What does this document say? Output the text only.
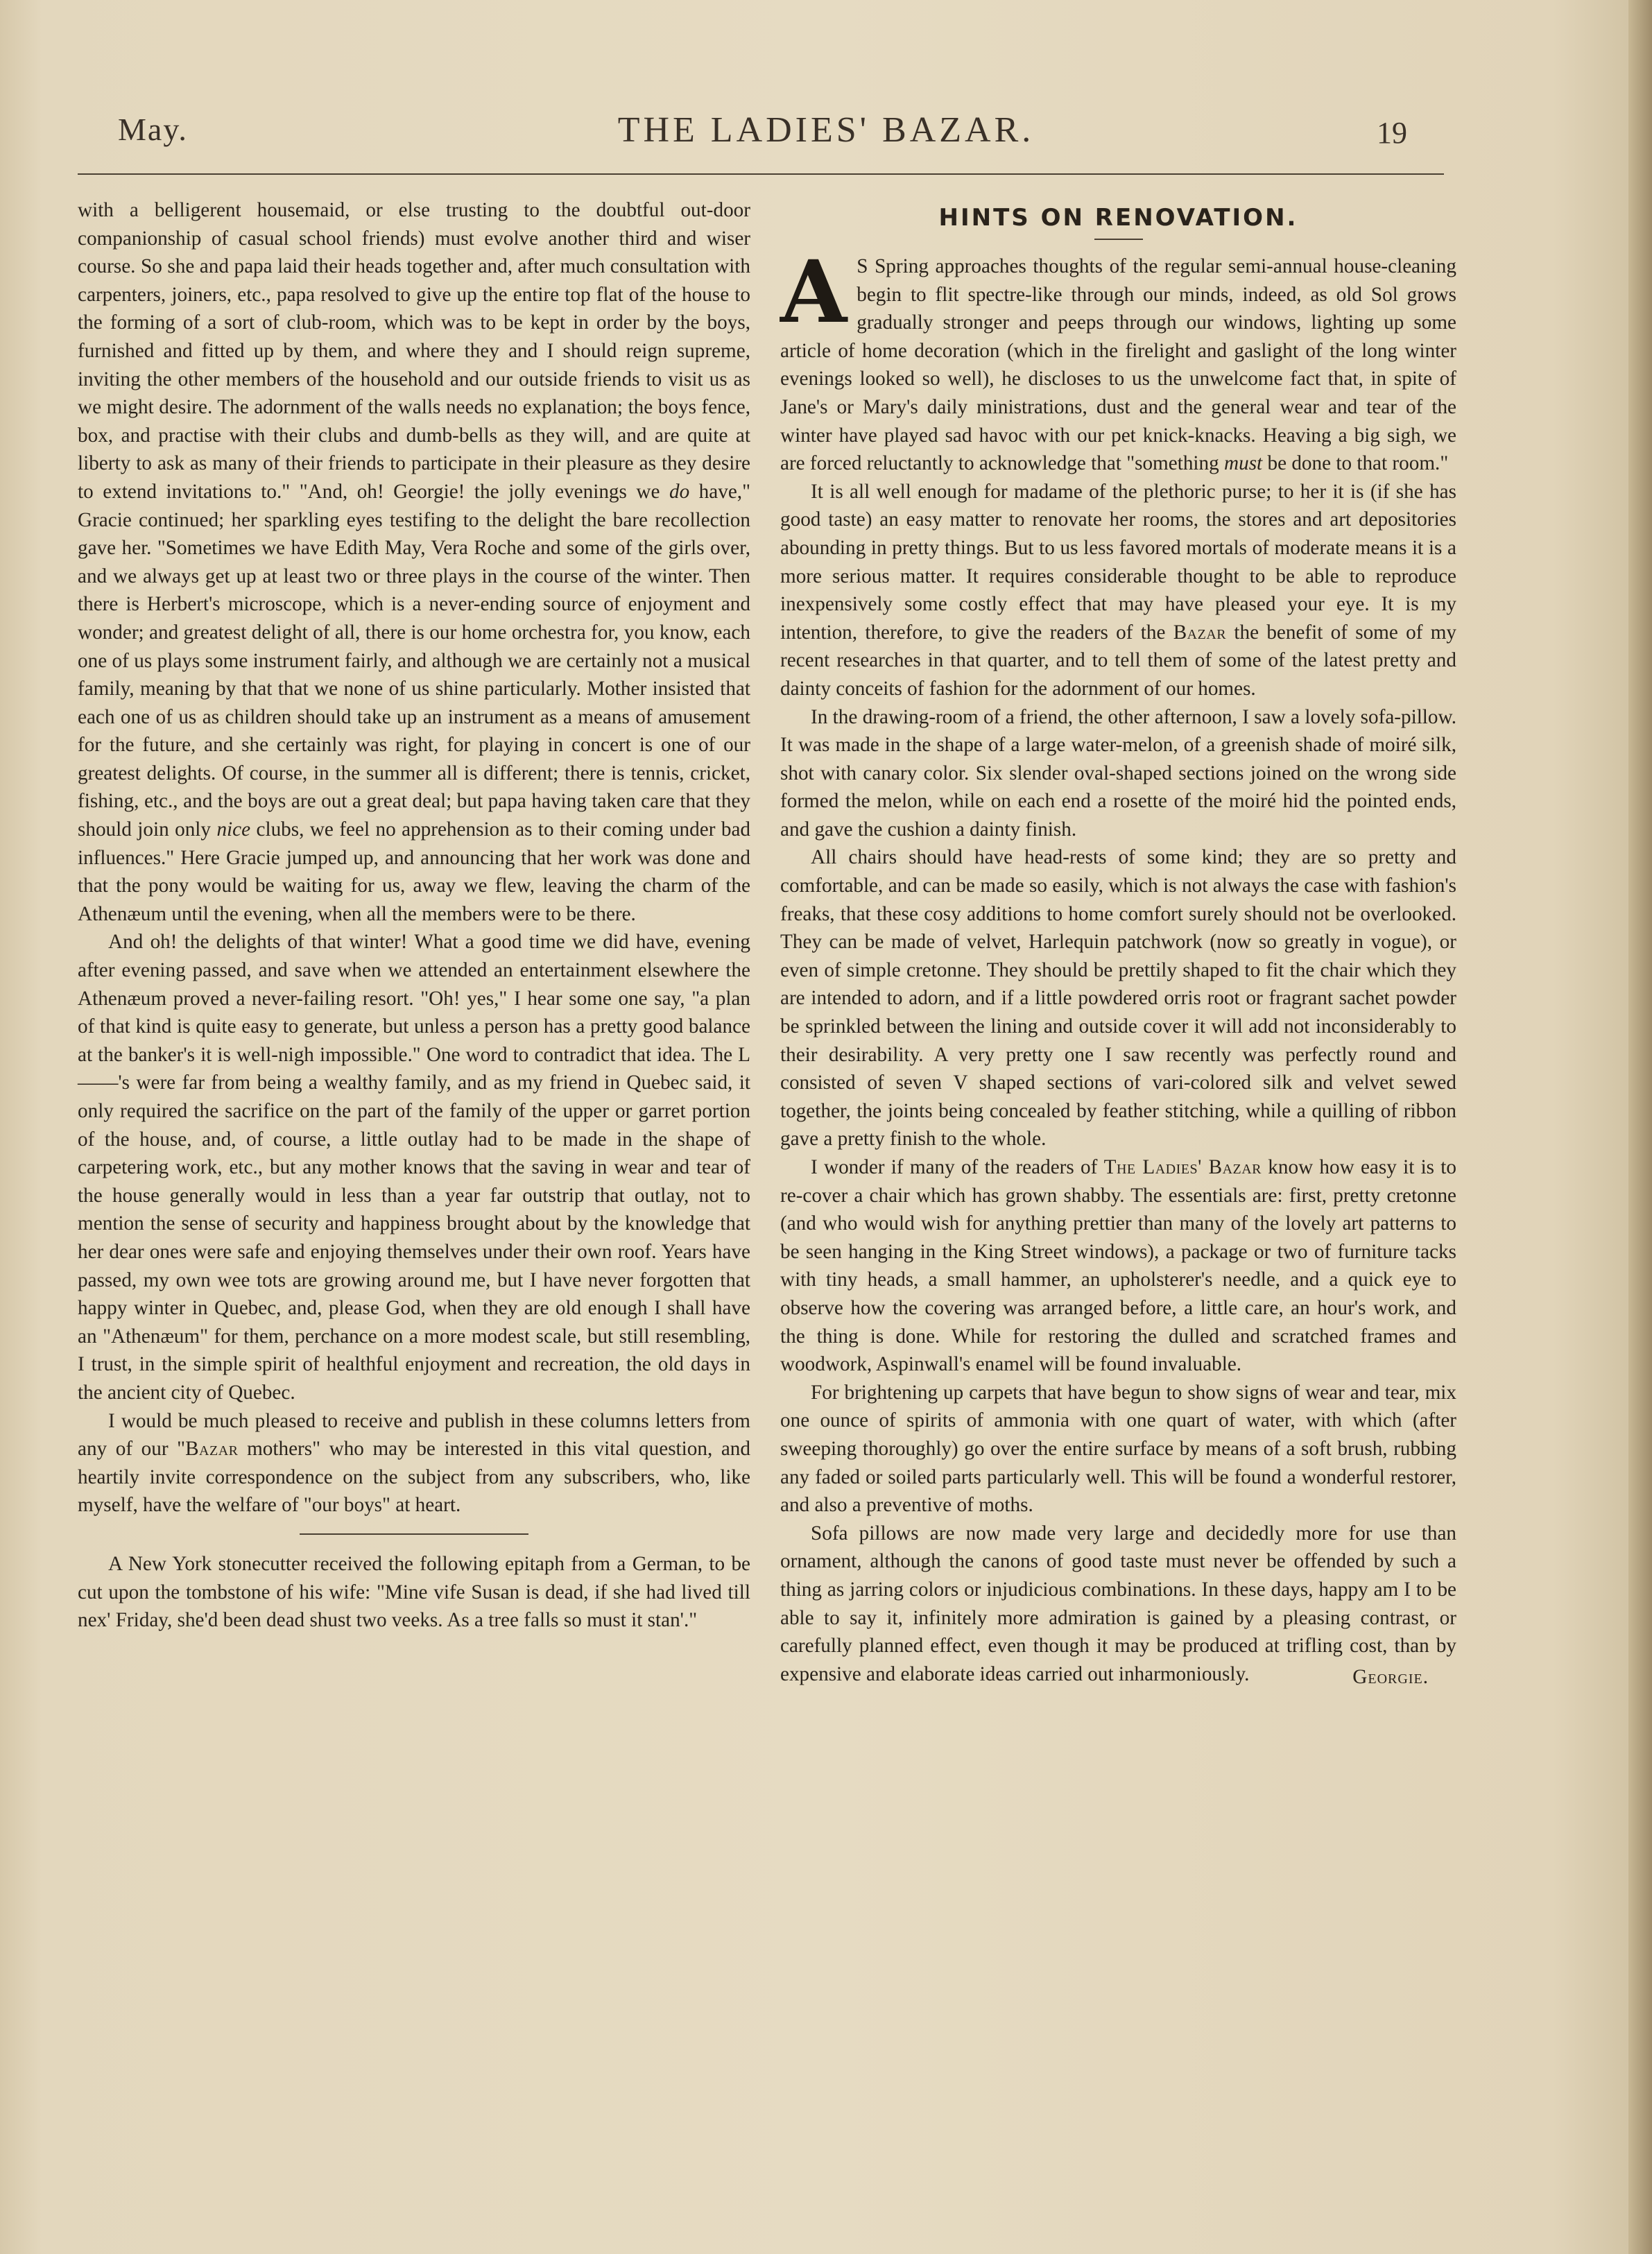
May.	THE LADIES' BAZAR.	19

with a belligerent housemaid, or else trusting to the doubtful out-door companionship of casual school friends) must evolve another third and wiser course. So she and papa laid their heads together and, after much consultation with carpenters, joiners, etc., papa resolved to give up the entire top flat of the house to the forming of a sort of club-room, which was to be kept in order by the boys, furnished and fitted up by them, and where they and I should reign supreme, inviting the other members of the household and our outside friends to visit us as we might desire. The adornment of the walls needs no explanation; the boys fence, box, and practise with their clubs and dumb-bells as they will, and are quite at liberty to ask as many of their friends to participate in their pleasure as they desire to extend invitations to." "And, oh! Georgie! the jolly evenings we do have," Gracie continued; her sparkling eyes testifing to the delight the bare recollection gave her. "Sometimes we have Edith May, Vera Roche and some of the girls over, and we always get up at least two or three plays in the course of the winter. Then there is Herbert's microscope, which is a never-ending source of enjoyment and wonder; and greatest delight of all, there is our home orchestra for, you know, each one of us plays some instrument fairly, and although we are certainly not a musical family, meaning by that that we none of us shine particularly. Mother insisted that each one of us as children should take up an instrument as a means of amusement for the future, and she certainly was right, for playing in concert is one of our greatest delights. Of course, in the summer all is different; there is tennis, cricket, fishing, etc., and the boys are out a great deal; but papa having taken care that they should join only nice clubs, we feel no apprehension as to their coming under bad influences." Here Gracie jumped up, and announcing that her work was done and that the pony would be waiting for us, away we flew, leaving the charm of the Athenæum until the evening, when all the members were to be there.

And oh! the delights of that winter! What a good time we did have, evening after evening passed, and save when we attended an entertainment elsewhere the Athenæum proved a never-failing resort. "Oh! yes," I hear some one say, "a plan of that kind is quite easy to generate, but unless a person has a pretty good balance at the banker's it is well-nigh impossible." One word to contradict that idea. The L——'s were far from being a wealthy family, and as my friend in Quebec said, it only required the sacrifice on the part of the family of the upper or garret portion of the house, and, of course, a little outlay had to be made in the shape of carpetering work, etc., but any mother knows that the saving in wear and tear of the house generally would in less than a year far outstrip that outlay, not to mention the sense of security and happiness brought about by the knowledge that her dear ones were safe and enjoying themselves under their own roof. Years have passed, my own wee tots are growing around me, but I have never forgotten that happy winter in Quebec, and, please God, when they are old enough I shall have an "Athenæum" for them, perchance on a more modest scale, but still resembling, I trust, in the simple spirit of healthful enjoyment and recreation, the old days in the ancient city of Quebec.

I would be much pleased to receive and publish in these columns letters from any of our "Bazar mothers" who may be interested in this vital question, and heartily invite correspondence on the subject from any subscribers, who, like myself, have the welfare of "our boys" at heart.

A New York stonecutter received the following epitaph from a German, to be cut upon the tombstone of his wife: "Mine vife Susan is dead, if she had lived till nex' Friday, she'd been dead shust two veeks. As a tree falls so must it stan'."

HINTS ON RENOVATION.

A S Spring approaches thoughts of the regular semi-annual house-cleaning begin to flit spectre-like through our minds, indeed, as old Sol grows gradually stronger and peeps through our windows, lighting up some article of home decoration (which in the firelight and gaslight of the long winter evenings looked so well), he discloses to us the unwelcome fact that, in spite of Jane's or Mary's daily ministrations, dust and the general wear and tear of the winter have played sad havoc with our pet knick-knacks. Heaving a big sigh, we are forced reluctantly to acknowledge that "something must be done to that room."

It is all well enough for madame of the plethoric purse; to her it is (if she has good taste) an easy matter to renovate her rooms, the stores and art depositories abounding in pretty things. But to us less favored mortals of moderate means it is a more serious matter. It requires considerable thought to be able to reproduce inexpensively some costly effect that may have pleased your eye. It is my intention, therefore, to give the readers of the Bazar the benefit of some of my recent researches in that quarter, and to tell them of some of the latest pretty and dainty conceits of fashion for the adornment of our homes.

In the drawing-room of a friend, the other afternoon, I saw a lovely sofa-pillow. It was made in the shape of a large water-melon, of a greenish shade of moiré silk, shot with canary color. Six slender oval-shaped sections joined on the wrong side formed the melon, while on each end a rosette of the moiré hid the pointed ends, and gave the cushion a dainty finish.

All chairs should have head-rests of some kind; they are so pretty and comfortable, and can be made so easily, which is not always the case with fashion's freaks, that these cosy additions to home comfort surely should not be overlooked. They can be made of velvet, Harlequin patchwork (now so greatly in vogue), or even of simple cretonne. They should be prettily shaped to fit the chair which they are intended to adorn, and if a little powdered orris root or fragrant sachet powder be sprinkled between the lining and outside cover it will add not inconsiderably to their desirability. A very pretty one I saw recently was perfectly round and consisted of seven V shaped sections of vari-colored silk and velvet sewed together, the joints being concealed by feather stitching, while a quilling of ribbon gave a pretty finish to the whole.

I wonder if many of the readers of The Ladies' Bazar know how easy it is to re-cover a chair which has grown shabby. The essentials are: first, pretty cretonne (and who would wish for anything prettier than many of the lovely art patterns to be seen hanging in the King Street windows), a package or two of furniture tacks with tiny heads, a small hammer, an upholsterer's needle, and a quick eye to observe how the covering was arranged before, a little care, an hour's work, and the thing is done. While for restoring the dulled and scratched frames and woodwork, Aspinwall's enamel will be found invaluable.

For brightening up carpets that have begun to show signs of wear and tear, mix one ounce of spirits of ammonia with one quart of water, with which (after sweeping thoroughly) go over the entire surface by means of a soft brush, rubbing any faded or soiled parts particularly well. This will be found a wonderful restorer, and also a preventive of moths.

Sofa pillows are now made very large and decidedly more for use than ornament, although the canons of good taste must never be offended by such a thing as jarring colors or injudicious combinations. In these days, happy am I to be able to say it, infinitely more admiration is gained by a pleasing contrast, or carefully planned effect, even though it may be produced at trifling cost, than by expensive and elaborate ideas carried out inharmoniously.	Georgie.
